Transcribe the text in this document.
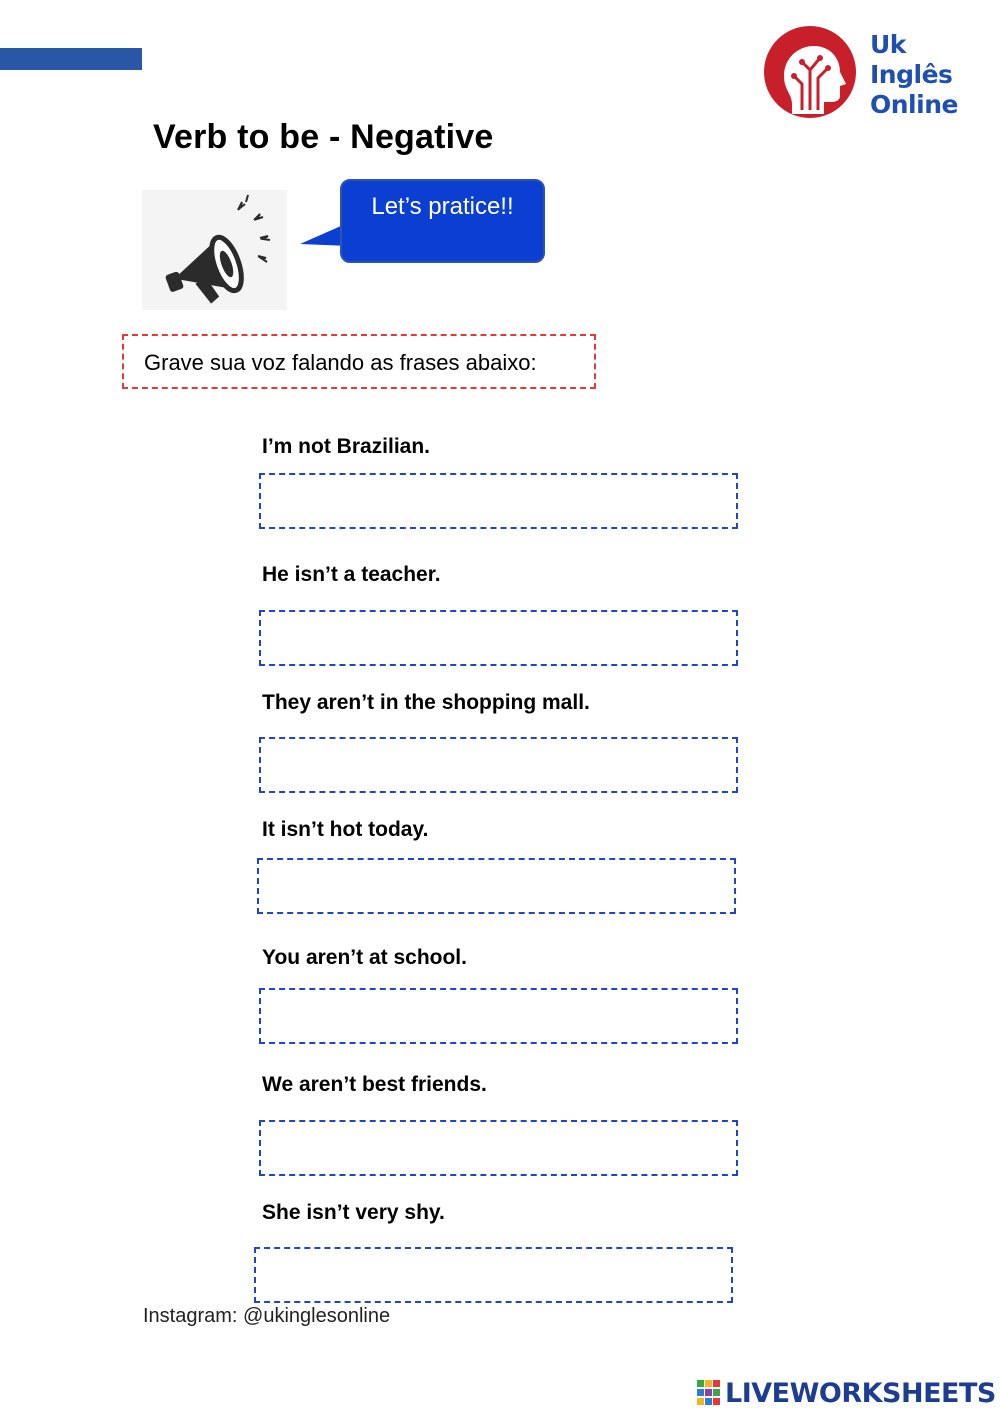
Uk
Inglês
Online
Verb to be - Negative
Let’s pratice!!
Grave sua voz falando as frases abaixo:
I’m not Brazilian.
He isn’t a teacher.
They aren’t in the shopping mall.
It isn’t hot today.
You aren’t at school.
We aren’t best friends.
She isn’t very shy.
Instagram: @ukinglesonline
LIVEWORKSHEETS
